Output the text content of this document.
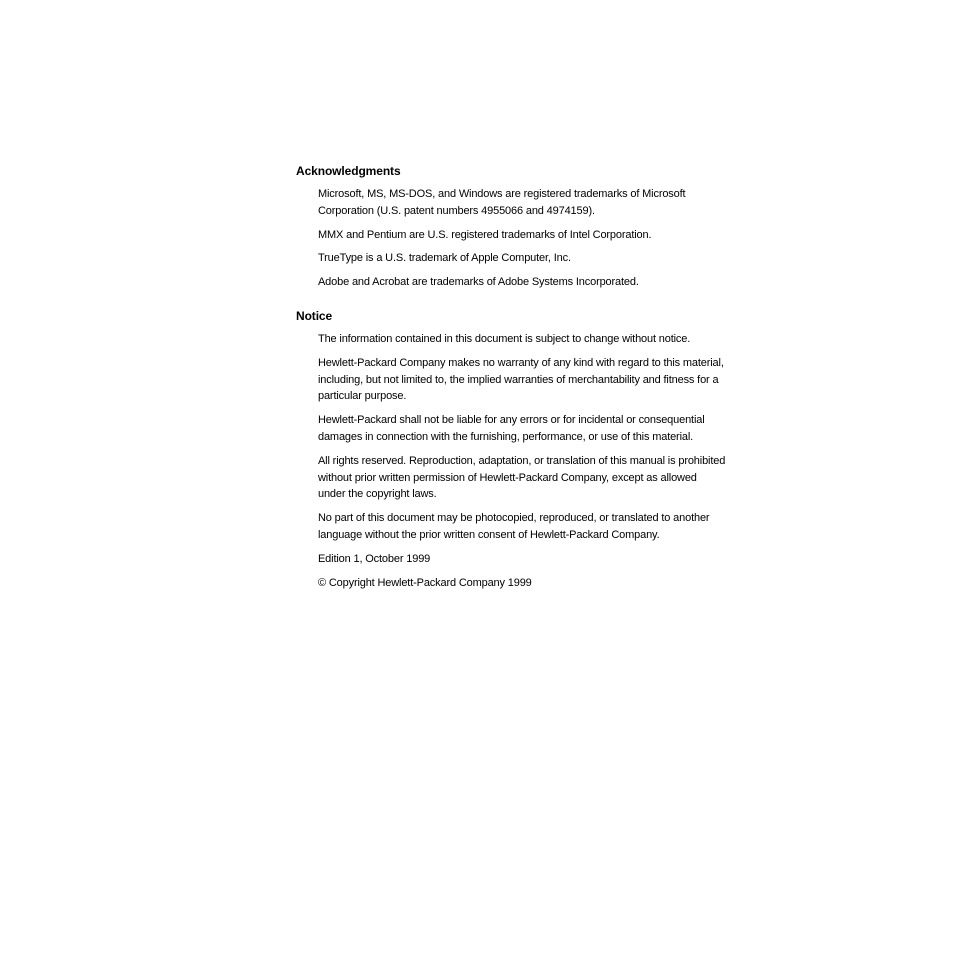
Acknowledgments

Microsoft, MS, MS-DOS, and Windows are registered trademarks of Microsoft Corporation (U.S. patent numbers 4955066 and 4974159).

MMX and Pentium are U.S. registered trademarks of Intel Corporation.

TrueType is a U.S. trademark of Apple Computer, Inc.

Adobe and Acrobat are trademarks of Adobe Systems Incorporated.

Notice

The information contained in this document is subject to change without notice.

Hewlett-Packard Company makes no warranty of any kind with regard to this material, including, but not limited to, the implied warranties of merchantability and fitness for a particular purpose.

Hewlett-Packard shall not be liable for any errors or for incidental or consequential damages in connection with the furnishing, performance, or use of this material.

All rights reserved. Reproduction, adaptation, or translation of this manual is prohibited without prior written permission of Hewlett-Packard Company, except as allowed under the copyright laws.

No part of this document may be photocopied, reproduced, or translated to another language without the prior written consent of Hewlett-Packard Company.

Edition 1, October 1999

© Copyright Hewlett-Packard Company 1999
